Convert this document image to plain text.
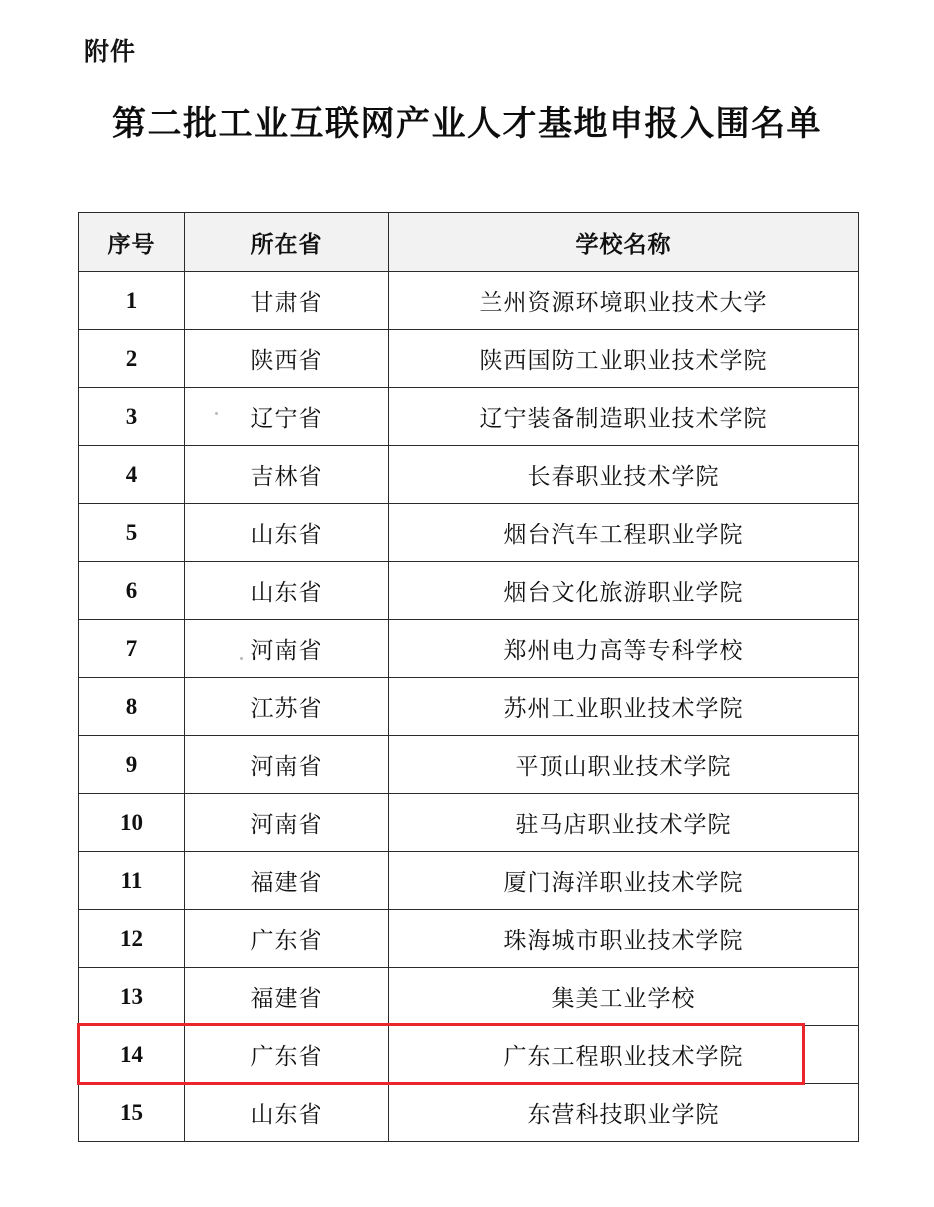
附件
第二批工业互联网产业人才基地申报入围名单
序号	所在省	学校名称
1	甘肃省	兰州资源环境职业技术大学
2	陕西省	陕西国防工业职业技术学院
3	辽宁省	辽宁装备制造职业技术学院
4	吉林省	长春职业技术学院
5	山东省	烟台汽车工程职业学院
6	山东省	烟台文化旅游职业学院
7	河南省	郑州电力高等专科学校
8	江苏省	苏州工业职业技术学院
9	河南省	平顶山职业技术学院
10	河南省	驻马店职业技术学院
11	福建省	厦门海洋职业技术学院
12	广东省	珠海城市职业技术学院
13	福建省	集美工业学校
14	广东省	广东工程职业技术学院
15	山东省	东营科技职业学院
